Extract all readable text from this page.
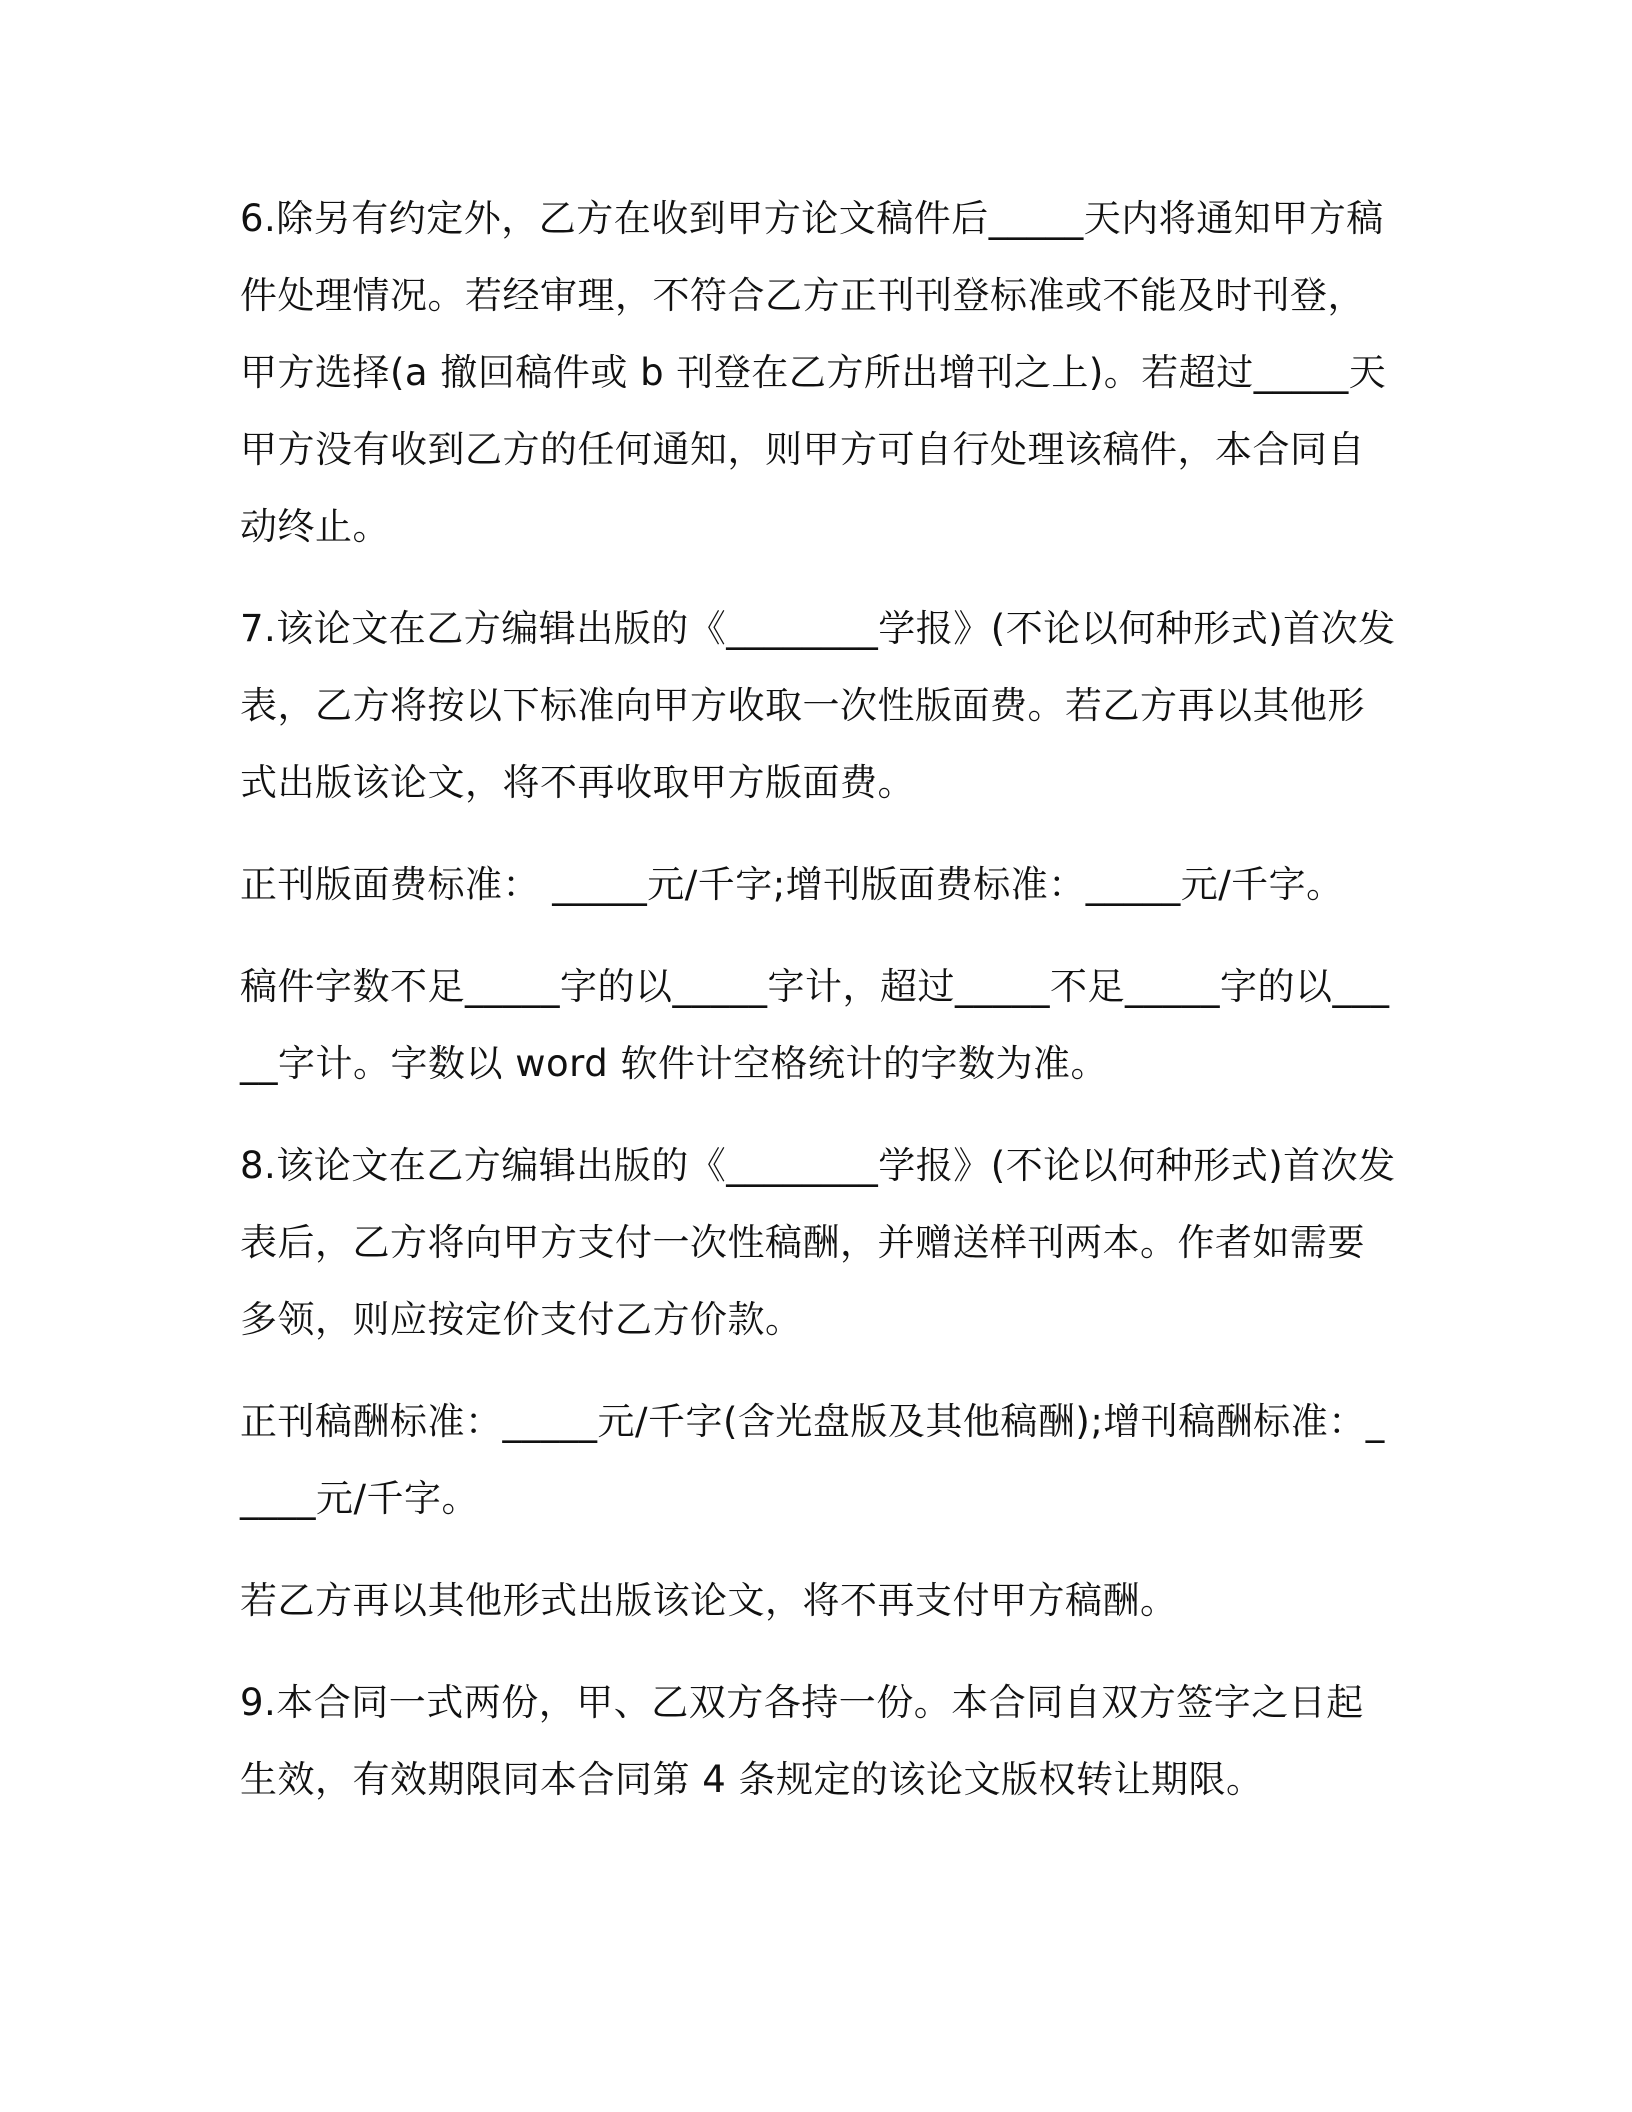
6.除另有约定外，乙方在收到甲方论文稿件后_____天内将通知甲方稿件处理情况。若经审理，不符合乙方正刊刊登标准或不能及时刊登，甲方选择(a 撤回稿件或 b 刊登在乙方所出增刊之上)。若超过_____天甲方没有收到乙方的任何通知，则甲方可自行处理该稿件，本合同自动终止。

7.该论文在乙方编辑出版的《________学报》(不论以何种形式)首次发表，乙方将按以下标准向甲方收取一次性版面费。若乙方再以其他形式出版该论文，将不再收取甲方版面费。

正刊版面费标准： _____元/千字;增刊版面费标准：_____元/千字。

稿件字数不足_____字的以_____字计，超过_____不足_____字的以_____字计。字数以 word 软件计空格统计的字数为准。

8.该论文在乙方编辑出版的《________学报》(不论以何种形式)首次发表后，乙方将向甲方支付一次性稿酬，并赠送样刊两本。作者如需要多领，则应按定价支付乙方价款。

正刊稿酬标准：_____元/千字(含光盘版及其他稿酬);增刊稿酬标准：_____元/千字。

若乙方再以其他形式出版该论文，将不再支付甲方稿酬。

9.本合同一式两份，甲、乙双方各持一份。本合同自双方签字之日起生效，有效期限同本合同第 4 条规定的该论文版权转让期限。
